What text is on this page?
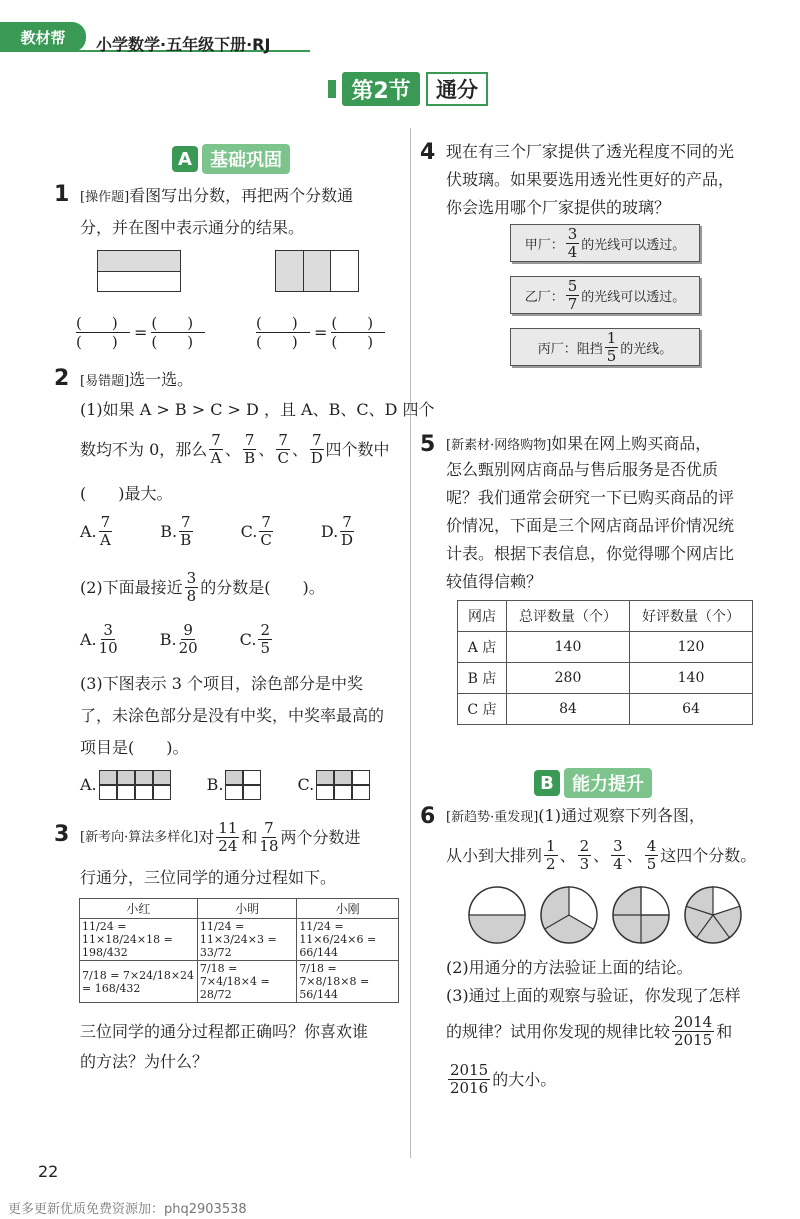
教材帮	小学数学·五年级下册·RJ
第2节	通分
A	基础巩固
1 [操作题]看图写出分数，再把两个分数通
分，并在图中表示通分的结果。
(　　)
(　　)	= (　　)
(　　)
(　　)
(　　)	= (　　)
(　　)
2 [易错题]选一选。
(1)如果 A > B > C > D ，且 A、B、C、D 四个
数均不为 0，那么 $\frac{7}{A}$ 、 $\frac{7}{B}$ 、 $\frac{7}{C}$ 、 $\frac{7}{D}$ 四个数中
(　　)最大。
A. $\frac{7}{A}$	B. $\frac{7}{B}$	C. $\frac{7}{C}$	D. $\frac{7}{D}$
(2)下面最接近 $\frac{3}{8}$ 的分数是(　　)。
A. $\frac{3}{10}$	B. $\frac{9}{20}$	C. $\frac{2}{5}$
(3)下图表示 3 个项目，涂色部分是中奖
了，未涂色部分是没有中奖，中奖率最高的
项目是(　　)。
A.	B.	C.
3 [新考向·算法多样化] 对 $\frac{11}{24}$ 和 $\frac{7}{18}$ 两个分数进
行通分，三位同学的通分过程如下。
小红	小明	小刚
11/24 = 11×18/24×18 = 198/432	11/24 = 11×3/24×3 = 33/72	11/24 = 11×6/24×6 = 66/144
7/18 = 7×24/18×24 = 168/432	7/18 = 7×4/18×4 = 28/72	7/18 = 7×8/18×8 = 56/144
三位同学的通分过程都正确吗？你喜欢谁
的方法？为什么？
4 现在有三个厂家提供了透光程度不同的光
伏玻璃。如果要选用透光性更好的产品，
你会选用哪个厂家提供的玻璃？
甲厂： $\frac{3}{4}$ 的光线可以透过。
乙厂： $\frac{5}{7}$ 的光线可以透过。
丙厂：阻挡 $\frac{1}{5}$ 的光线。
5 [新素材·网络购物]如果在网上购买商品，
怎么甄别网店商品与售后服务是否优质
呢？我们通常会研究一下已购买商品的评
价情况，下面是三个网店商品评价情况统
计表。根据下表信息，你觉得哪个网店比
较值得信赖？
网店	总评数量（个）	好评数量（个）
A 店	140	120
B 店	280	140
C 店	84	64
B	能力提升
6 [新趋势·重发现](1)通过观察下列各图，
从小到大排列 $\frac{1}{2}$ 、 $\frac{2}{3}$ 、 $\frac{3}{4}$ 、 $\frac{4}{5}$ 这四个分数。
(2)用通分的方法验证上面的结论。
(3)通过上面的观察与验证，你发现了怎样
的规律？试用你发现的规律比较 $\frac{2014}{2015}$ 和
$\frac{2015}{2016}$ 的大小。
22
更多更新优质免费资源加：phq2903538
